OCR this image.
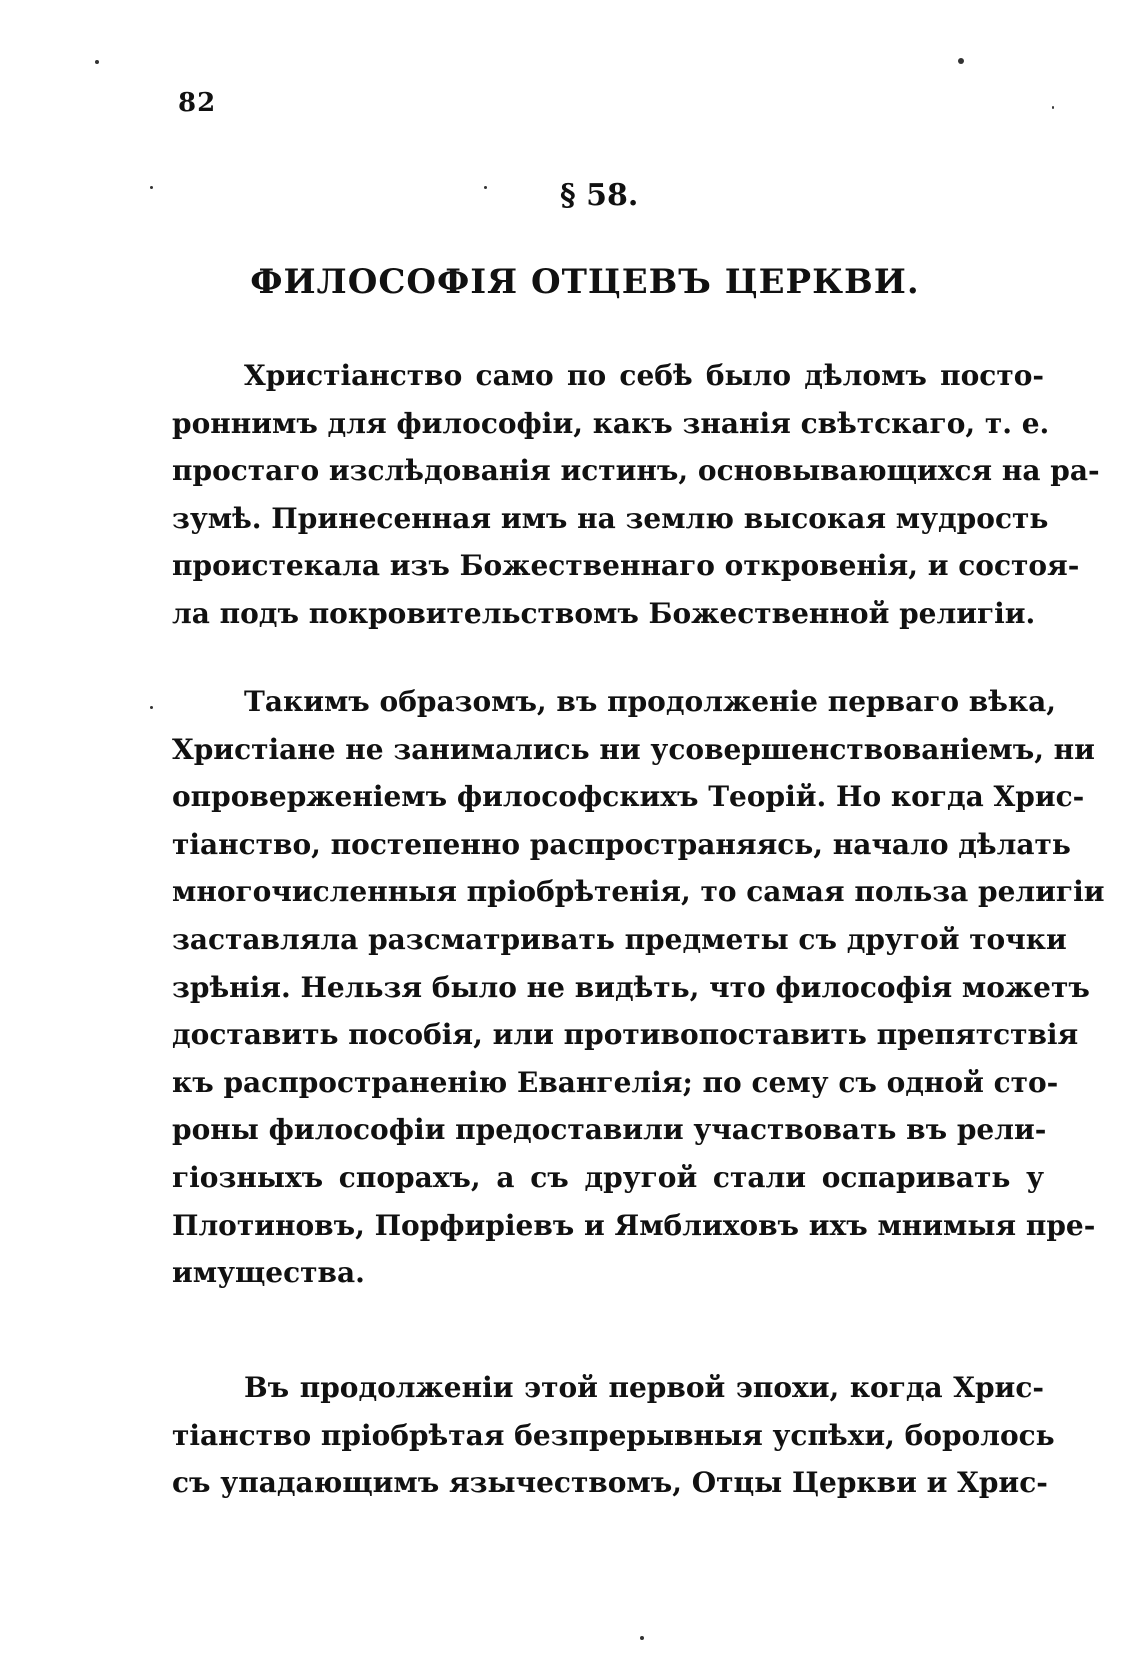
82
§ 58.
ФИЛОСОФІЯ ОТЦЕВЪ ЦЕРКВИ.
Христіанство само по себѣ было дѣломъ посто-
роннимъ для философіи, какъ знанія свѣтскаго, т. е.
простаго изслѣдованія истинъ, основывающихся на ра-
зумѣ. Принесенная имъ на землю высокая мудрость
проистекала изъ Божественнаго откровенія, и состоя-
ла подъ покровительствомъ Божественной религіи.
Такимъ образомъ, въ продолженіе перваго вѣка,
Христіане не занимались ни усовершенствованіемъ, ни
опроверженіемъ философскихъ Теорій. Но когда Хрис-
тіанство, постепенно распространяясь, начало дѣлать
многочисленныя пріобрѣтенія, то самая польза религіи
заставляла разсматривать предметы съ другой точки
зрѣнія. Нельзя было не видѣть, что философія можетъ
доставить пособія, или противопоставить препятствія
къ распространенію Евангелія; по сему съ одной сто-
роны философіи предоставили участвовать въ рели-
гіозныхъ спорахъ, а съ другой стали оспаривать у
Плотиновъ, Порфиріевъ и Ямблиховъ ихъ мнимыя пре-
имущества.
Въ продолженіи этой первой эпохи, когда Хрис-
тіанство пріобрѣтая безпрерывныя успѣхи, боролось
съ упадающимъ язычествомъ, Отцы Церкви и Хрис-
